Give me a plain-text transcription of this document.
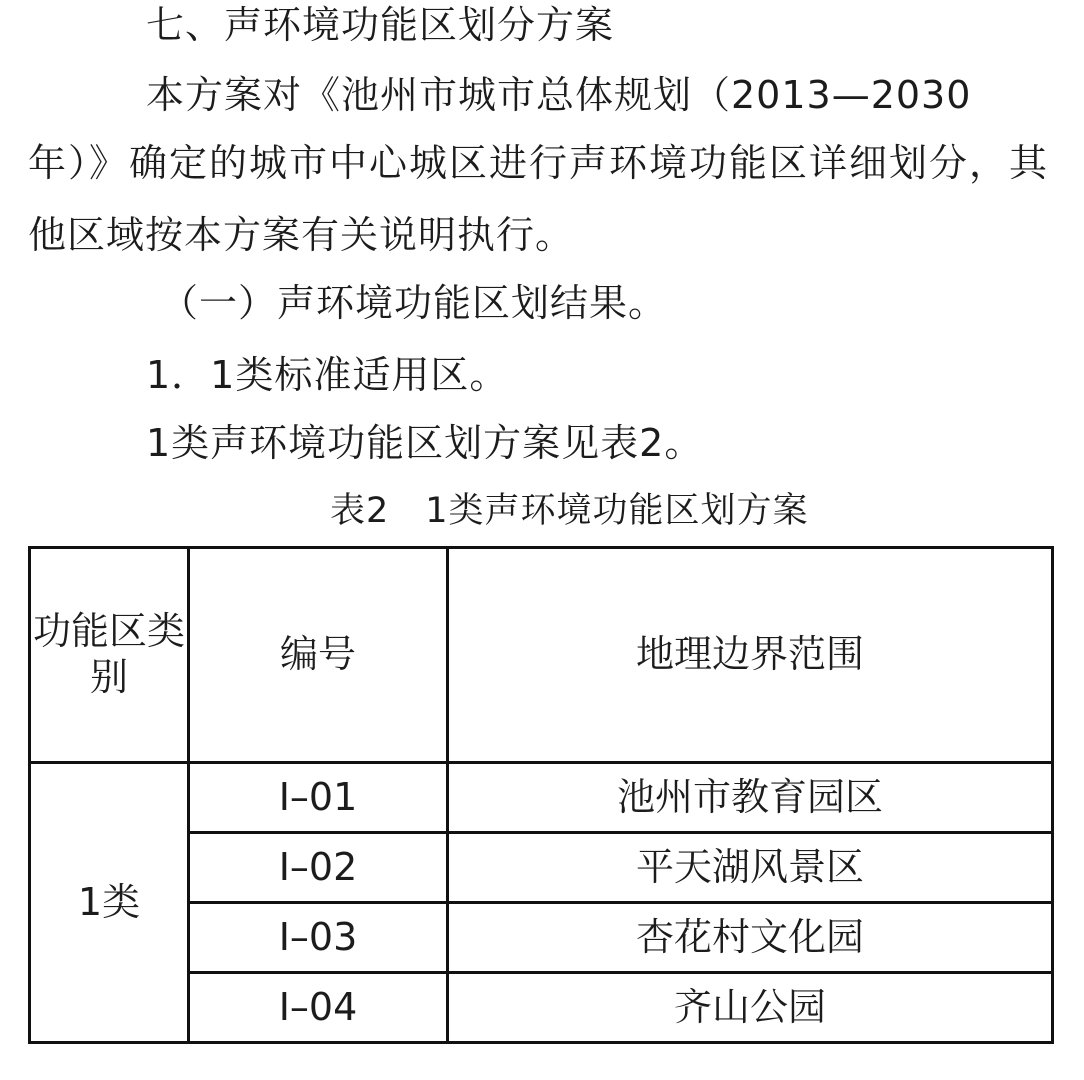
七、声环境功能区划分方案
本方案对《池州市城市总体规划（2013—2030
年）》确定的城市中心城区进行声环境功能区详细划分，其
他区域按本方案有关说明执行。
（一）声环境功能区划结果。
1．1类标准适用区。
1类声环境功能区划方案见表2。
表2　1类声环境功能区划方案
功能区类别	编号	地理边界范围
1类	Ⅰ–01	池州市教育园区
	Ⅰ–02	平天湖风景区
	Ⅰ–03	杏花村文化园
	Ⅰ–04	齐山公园
